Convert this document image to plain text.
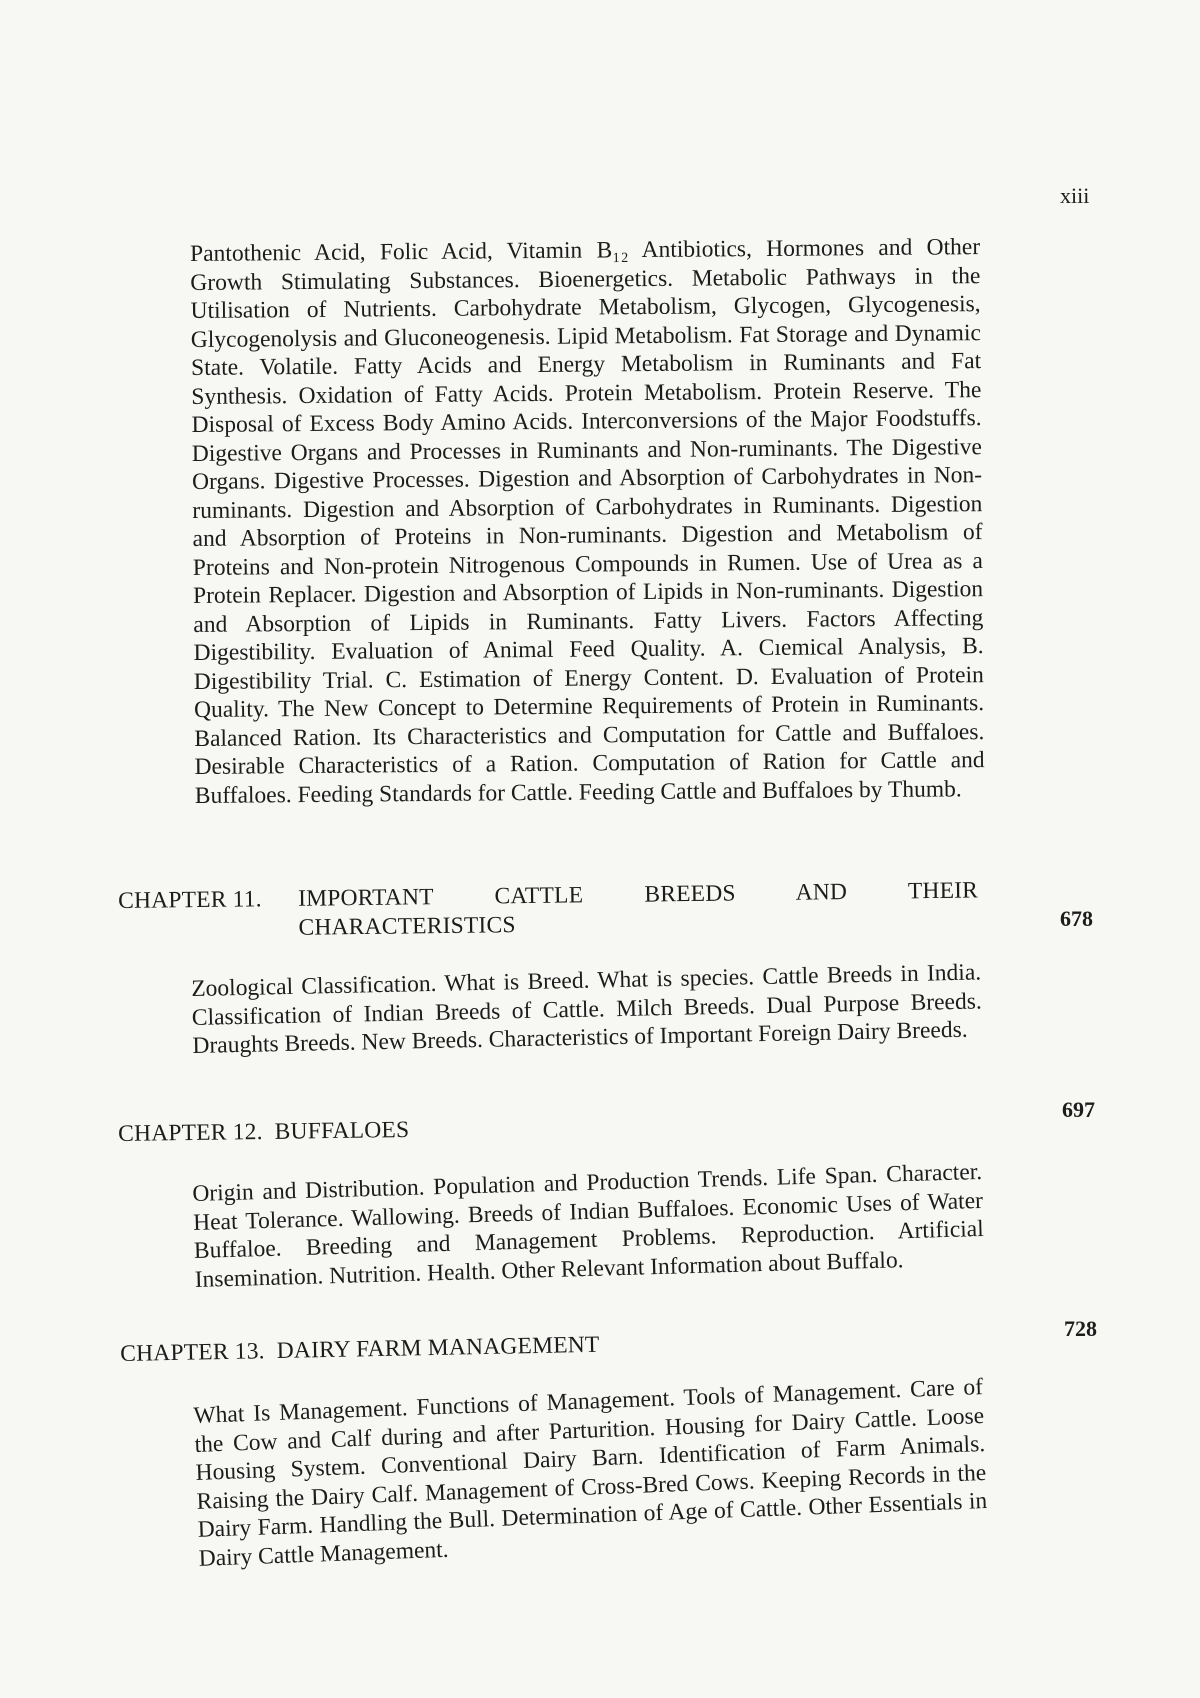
xiii

Pantothenic Acid, Folic Acid, Vitamin B₁₂ Antibiotics, Hormones and Other Growth Stimulating Substances. Bioenergetics. Metabolic Pathways in the Utilisation of Nutrients. Carbohydrate Metabolism, Glycogen, Glycogenesis, Glycogenolysis and Gluconeogenesis. Lipid Metabolism. Fat Storage and Dynamic State. Volatile. Fatty Acids and Energy Metabolism in Ruminants and Fat Synthesis. Oxidation of Fatty Acids. Protein Metabolism. Protein Reserve. The Disposal of Excess Body Amino Acids. Interconversions of the Major Foodstuffs. Digestive Organs and Processes in Ruminants and Non-ruminants. The Digestive Organs. Digestive Processes. Digestion and Absorption of Carbohydrates in Non-ruminants. Digestion and Absorption of Carbohydrates in Ruminants. Digestion and Absorption of Proteins in Non-ruminants. Digestion and Metabolism of Proteins and Non-protein Nitrogenous Compounds in Rumen. Use of Urea as a Protein Replacer. Digestion and Absorption of Lipids in Non-ruminants. Digestion and Absorption of Lipids in Ruminants. Fatty Livers. Factors Affecting Digestibility. Evaluation of Animal Feed Quality. A. Cıemical Analysis, B. Digestibility Trial. C. Estimation of Energy Content. D. Evaluation of Protein Quality. The New Concept to Determine Requirements of Protein in Ruminants. Balanced Ration. Its Characteristics and Computation for Cattle and Buffaloes. Desirable Characteristics of a Ration. Computation of Ration for Cattle and Buffaloes. Feeding Standards for Cattle. Feeding Cattle and Buffaloes by Thumb.

CHAPTER 11. IMPORTANT CATTLE BREEDS AND THEIR
CHARACTERISTICS	678

Zoological Classification. What is Breed. What is species. Cattle Breeds in India. Classification of Indian Breeds of Cattle. Milch Breeds. Dual Purpose Breeds. Draughts Breeds. New Breeds. Characteristics of Important Foreign Dairy Breeds.

CHAPTER 12. BUFFALOES
697

Origin and Distribution. Population and Production Trends. Life Span. Character. Heat Tolerance. Wallowing. Breeds of Indian Buffaloes. Economic Uses of Water Buffaloe. Breeding and Management Problems. Reproduction. Artificial Insemination. Nutrition. Health. Other Relevant Information about Buffalo.

CHAPTER 13. DAIRY FARM MANAGEMENT
728

What Is Management. Functions of Management. Tools of Management. Care of the Cow and Calf during and after Parturition. Housing for Dairy Cattle. Loose Housing System. Conventional Dairy Barn. Identification of Farm Animals. Raising the Dairy Calf. Management of Cross-Bred Cows. Keeping Records in the Dairy Farm. Handling the Bull. Determination of Age of Cattle. Other Essentials in Dairy Cattle Management.
